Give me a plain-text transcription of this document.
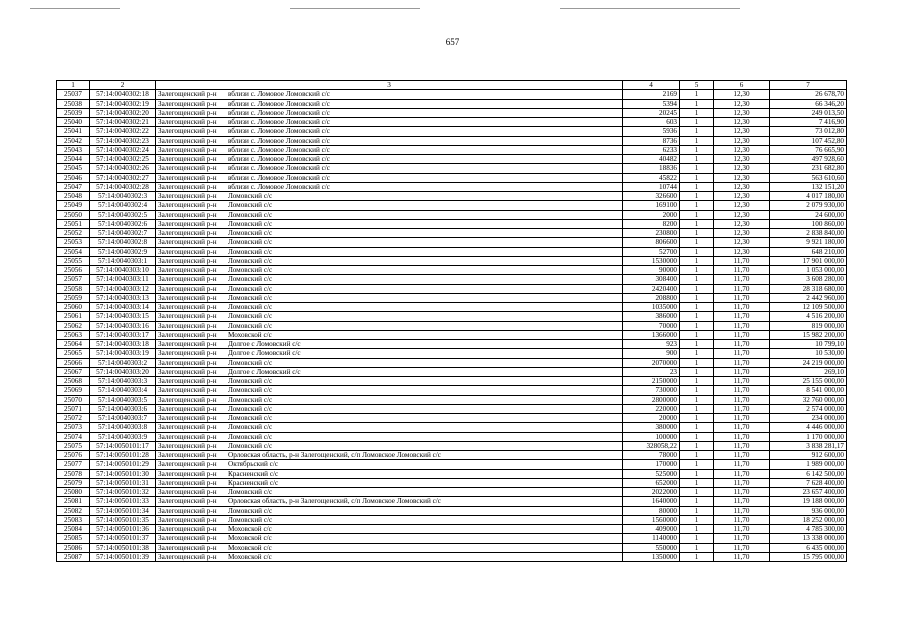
657
1	2	3	4	5	6	7
25037	57:14:0040302:18	Залегощенский р-н вблизи с. Ломовое Ломовский с/с	2169	1	12,30	26 678,70
25038	57:14:0040302:19	Залегощенский р-н вблизи с. Ломовое Ломовский с/с	5394	1	12,30	66 346,20
25039	57:14:0040302:20	Залегощенский р-н вблизи с. Ломовое Ломовский с/с	20245	1	12,30	249 013,50
25040	57:14:0040302:21	Залегощенский р-н вблизи с. Ломовое Ломовский с/с	603	1	12,30	7 416,90
25041	57:14:0040302:22	Залегощенский р-н вблизи с. Ломовое Ломовский с/с	5936	1	12,30	73 012,80
25042	57:14:0040302:23	Залегощенский р-н вблизи с. Ломовое Ломовский с/с	8736	1	12,30	107 452,80
25043	57:14:0040302:24	Залегощенский р-н вблизи с. Ломовое Ломовский с/с	6233	1	12,30	76 665,90
25044	57:14:0040302:25	Залегощенский р-н вблизи с. Ломовое Ломовский с/с	40482	1	12,30	497 928,60
25045	57:14:0040302:26	Залегощенский р-н вблизи с. Ломовое Ломовский с/с	18836	1	12,30	231 682,80
25046	57:14:0040302:27	Залегощенский р-н вблизи с. Ломовое Ломовский с/с	45822	1	12,30	563 610,60
25047	57:14:0040302:28	Залегощенский р-н вблизи с. Ломовое Ломовский с/с	10744	1	12,30	132 151,20
25048	57:14:0040302:3	Залегощенский р-н Ломовский с/с	326600	1	12,30	4 017 180,00
25049	57:14:0040302:4	Залегощенский р-н Ломовский с/с	169100	1	12,30	2 079 930,00
25050	57:14:0040302:5	Залегощенский р-н Ломовский с/с	2000	1	12,30	24 600,00
25051	57:14:0040302:6	Залегощенский р-н Ломовский с/с	8200	1	12,30	100 860,00
25052	57:14:0040302:7	Залегощенский р-н Ломовский с/с	230800	1	12,30	2 838 840,00
25053	57:14:0040302:8	Залегощенский р-н Ломовский с/с	806600	1	12,30	9 921 180,00
25054	57:14:0040302:9	Залегощенский р-н Ломовский с/с	52700	1	12,30	648 210,00
25055	57:14:0040303:1	Залегощенский р-н Ломовский с/с	1530000	1	11,70	17 901 000,00
25056	57:14:0040303:10	Залегощенский р-н Ломовский с/с	90000	1	11,70	1 053 000,00
25057	57:14:0040303:11	Залегощенский р-н Ломовский с/с	308400	1	11,70	3 608 280,00
25058	57:14:0040303:12	Залегощенский р-н Ломовский с/с	2420400	1	11,70	28 318 680,00
25059	57:14:0040303:13	Залегощенский р-н Ломовский с/с	208800	1	11,70	2 442 960,00
25060	57:14:0040303:14	Залегощенский р-н Ломовский с/с	1035000	1	11,70	12 109 500,00
25061	57:14:0040303:15	Залегощенский р-н Ломовский с/с	386000	1	11,70	4 516 200,00
25062	57:14:0040303:16	Залегощенский р-н Ломовский с/с	70000	1	11,70	819 000,00
25063	57:14:0040303:17	Залегощенский р-н Моховской с/с	1366000	1	11,70	15 982 200,00
25064	57:14:0040303:18	Залегощенский р-н Долгое с Ломовский с/с	923	1	11,70	10 799,10
25065	57:14:0040303:19	Залегощенский р-н Долгое с Ломовский с/с	900	1	11,70	10 530,00
25066	57:14:0040303:2	Залегощенский р-н Ломовский с/с	2070000	1	11,70	24 219 000,00
25067	57:14:0040303:20	Залегощенский р-н Долгое с Ломовский с/с	23	1	11,70	269,10
25068	57:14:0040303:3	Залегощенский р-н Ломовский с/с	2150000	1	11,70	25 155 000,00
25069	57:14:0040303:4	Залегощенский р-н Ломовский с/с	730000	1	11,70	8 541 000,00
25070	57:14:0040303:5	Залегощенский р-н Ломовский с/с	2800000	1	11,70	32 760 000,00
25071	57:14:0040303:6	Залегощенский р-н Ломовский с/с	220000	1	11,70	2 574 000,00
25072	57:14:0040303:7	Залегощенский р-н Ломовский с/с	20000	1	11,70	234 000,00
25073	57:14:0040303:8	Залегощенский р-н Ломовский с/с	380000	1	11,70	4 446 000,00
25074	57:14:0040303:9	Залегощенский р-н Ломовский с/с	100000	1	11,70	1 170 000,00
25075	57:14:0050101:17	Залегощенский р-н Ломовский с/с	328058,22	1	11,70	3 838 281,17
25076	57:14:0050101:28	Залегощенский р-н Орловская область, р-н Залегощенский, с/п Ломовское Ломовский с/с	78000	1	11,70	912 600,00
25077	57:14:0050101:29	Залегощенский р-н Октябрьский с/с	170000	1	11,70	1 989 000,00
25078	57:14:0050101:30	Залегощенский р-н Красненский с/с	525000	1	11,70	6 142 500,00
25079	57:14:0050101:31	Залегощенский р-н Красненский с/с	652000	1	11,70	7 628 400,00
25080	57:14:0050101:32	Залегощенский р-н Ломовский с/с	2022000	1	11,70	23 657 400,00
25081	57:14:0050101:33	Залегощенский р-н Орловская область, р-н Залегощенский, с/п Ломовское Ломовский с/с	1640000	1	11,70	19 188 000,00
25082	57:14:0050101:34	Залегощенский р-н Ломовский с/с	80000	1	11,70	936 000,00
25083	57:14:0050101:35	Залегощенский р-н Ломовский с/с	1560000	1	11,70	18 252 000,00
25084	57:14:0050101:36	Залегощенский р-н Моховской с/с	409000	1	11,70	4 785 300,00
25085	57:14:0050101:37	Залегощенский р-н Моховской с/с	1140000	1	11,70	13 338 000,00
25086	57:14:0050101:38	Залегощенский р-н Моховской с/с	550000	1	11,70	6 435 000,00
25087	57:14:0050101:39	Залегощенский р-н Моховской с/с	1350000	1	11,70	15 795 000,00
